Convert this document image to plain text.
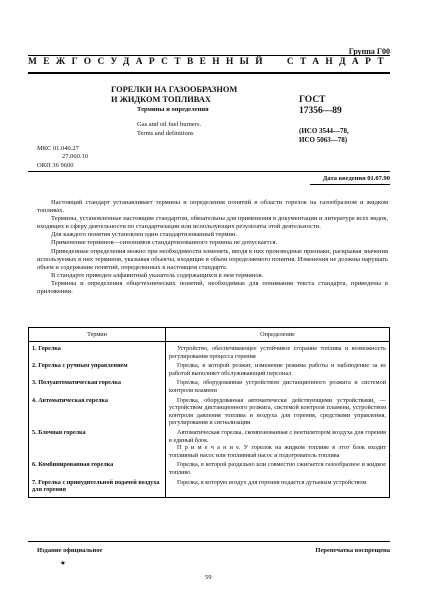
Группа Г00
МЕЖГОСУДАРСТВЕННЫЙ СТАНДАРТ
ГОРЕЛКИ НА ГАЗООБРАЗНОМ
И ЖИДКОМ ТОПЛИВАХ
Термины и определения
Gas and oil fuel burners.
Terms and definitions
ГОСТ
17356—89
(ИСО 3544—78,
ИСО 5063—78)
МКС 01.040.27
27.060.10
ОКП 36 9600
Дата введения 01.07.90

Настоящий стандарт устанавливает термины и определения понятий в области горелок на газообразном и жидком топливах.

Термины, установленные настоящим стандартом, обязательны для применения в документации и литературе всех видов, входящих в сферу деятельности по стандартизации или использующих результаты этой деятельности.

Для каждого понятия установлен один стандартизованный термин.

Применение терминов—синонимов стандартизованного термина не допускается.

Приведенные определения можно при необходимости изменять, вводя в них производные признаки, раскрывая значения используемых в них терминов, указывая объекты, входящие в объем определяемого понятия. Изменения не должны нарушать объем и содержание понятий, определенных в настоящем стандарте.

В стандарте приведен алфавитный указатель содержащихся в нем терминов.

Термины и определения общетехнических понятий, необходимые для понимания текста стандарта, приведены в приложении.

Термин	Определение
1. Горелка	Устройство, обеспечивающее устойчивое сгорание топлива и возможность регулирования процесса горения

2. Горелка с ручным управлением	Горелка, в которой розжиг, изменение режима работы и наблюдение за ее работой выполняет обслуживающий персонал

3. Полуавтоматическая горелка	Горелка, оборудованная устройством дистанционного розжига и системой контроля пламени

4. Автоматическая горелка	Горелка, оборудованная автоматически действующими устройствами, — устройством дистанционного розжига, системой контроля пламени, устройством контроля давления топлива и воздуха для горения, средствами управления, регулирования и сигнализации

5. Блочная горелка	Автоматическая горелка, скомпонованная с вентилятором воздуха для горения в единый блок.

П р и м е ч а н и е. У горелок на жидком топливе в этот блок входит топливный насос или топливный насос и подогреватель топлива

6. Комбинированная горелка	Горелка, в которой раздельно или совместно сжигается газообразное и жидкое топливо

7. Горелка с принудительной подачей воздуха для горения	Горелка, в которую воздух для горения подается дутьевым устройством

Издание официальное	Перепечатка воспрещена
★
59
